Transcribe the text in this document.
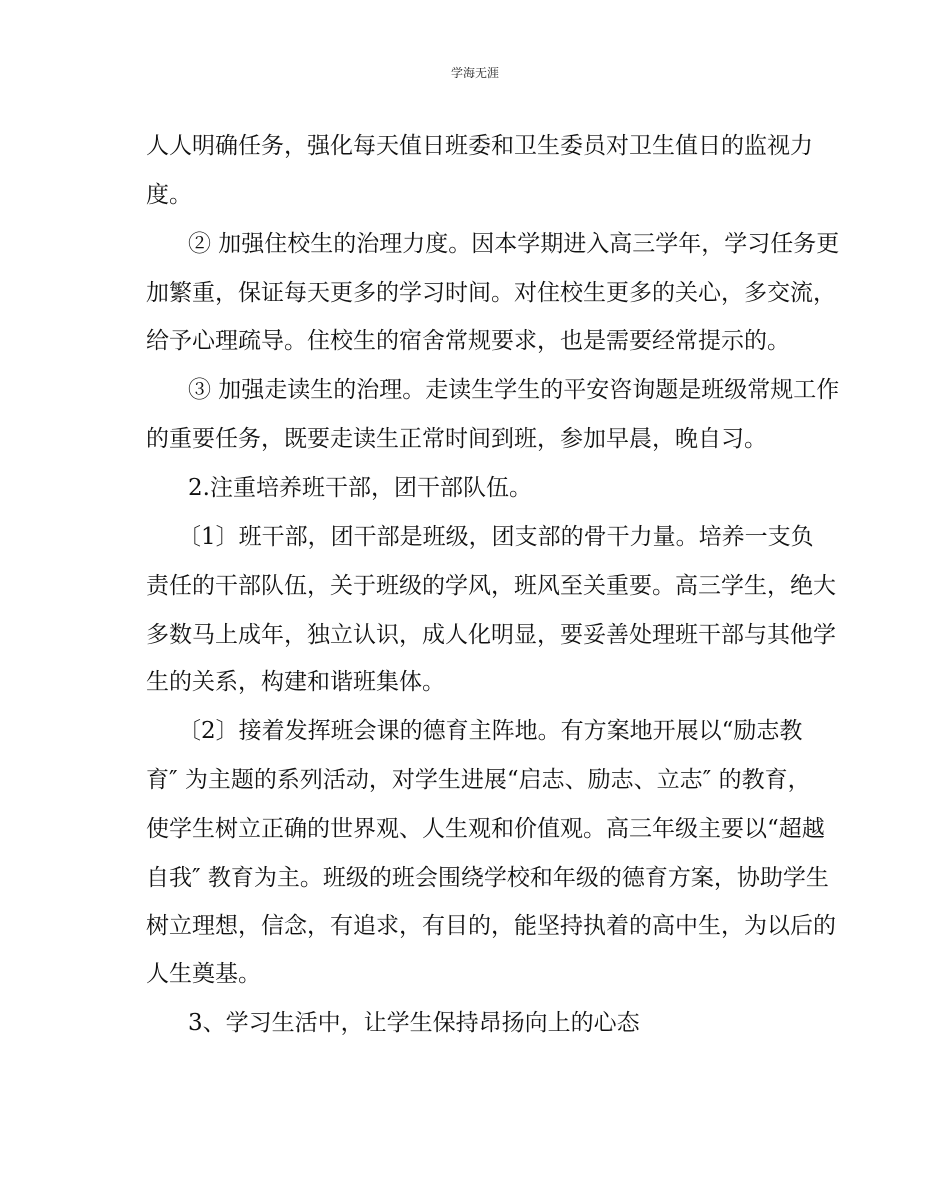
学海无涯
人人明确任务，强化每天值日班委和卫生委员对卫生值日的监视力
度。
② 加强住校生的治理力度。因本学期进入高三学年，学习任务更
加繁重，保证每天更多的学习时间。对住校生更多的关心，多交流，
给予心理疏导。住校生的宿舍常规要求，也是需要经常提示的。
③ 加强走读生的治理。走读生学生的平安咨询题是班级常规工作
的重要任务，既要走读生正常时间到班，参加早晨，晚自习。
2.注重培养班干部，团干部队伍。
〔1〕班干部，团干部是班级，团支部的骨干力量。培养一支负
责任的干部队伍，关于班级的学风，班风至关重要。高三学生，绝大
多数马上成年，独立认识，成人化明显，要妥善处理班干部与其他学
生的关系，构建和谐班集体。
〔2〕接着发挥班会课的德育主阵地。有方案地开展以“励志教
育″ 为主题的系列活动，对学生进展“启志、励志、立志″ 的教育，
使学生树立正确的世界观、人生观和价值观。高三年级主要以“超越
自我″ 教育为主。班级的班会围绕学校和年级的德育方案，协助学生
树立理想，信念，有追求，有目的，能坚持执着的高中生，为以后的
人生奠基。
3、学习生活中，让学生保持昂扬向上的心态
